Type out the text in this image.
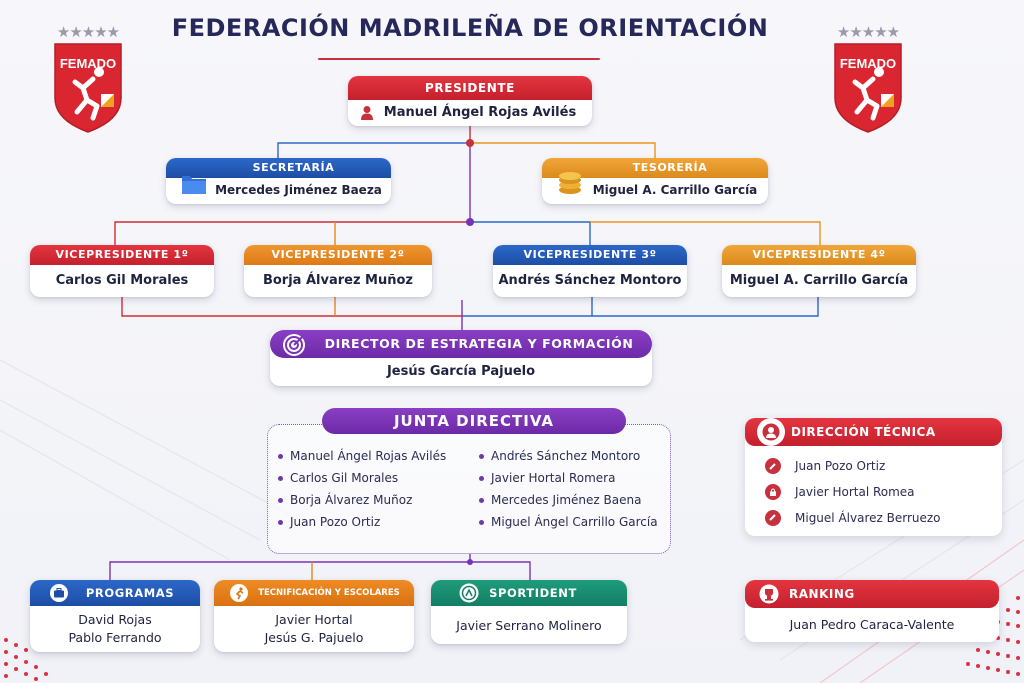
FEDERACIÓN MADRILEÑA DE ORIENTACIÓN
★★★★★
FEMADO
★★★★★
FEMADO
PRESIDENTE
Manuel Ángel Rojas Avilés
SECRETARÍA
Mercedes Jiménez Baeza
TESORERÍA
Miguel A. Carrillo García
VICEPRESIDENTE 1º
Carlos Gil Morales
VICEPRESIDENTE 2º
Borja Álvarez Muñoz
VICEPRESIDENTE 3º
Andrés Sánchez Montoro
VICEPRESIDENTE 4º
Miguel A. Carrillo García
DIRECTOR DE ESTRATEGIA Y FORMACIÓN
Jesús García Pajuelo
Manuel Ángel Rojas Avilés
Carlos Gil Morales
Borja Álvarez Muñoz
Juan Pozo Ortiz
Andrés Sánchez Montoro
Javier Hortal Romera
Mercedes Jiménez Baena
Miguel Ángel Carrillo García
JUNTA DIRECTIVA
DIRECCIÓN TÉCNICA
Juan Pozo Ortiz
Javier Hortal Romea
Miguel Álvarez Berruezo
RANKING
Juan Pedro Caraca-Valente
PROGRAMAS
David Rojas
Pablo Ferrando
TECNIFICACIÓN Y ESCOLARES
Javier Hortal
Jesús G. Pajuelo
SPORTIDENT
Javier Serrano Molinero
